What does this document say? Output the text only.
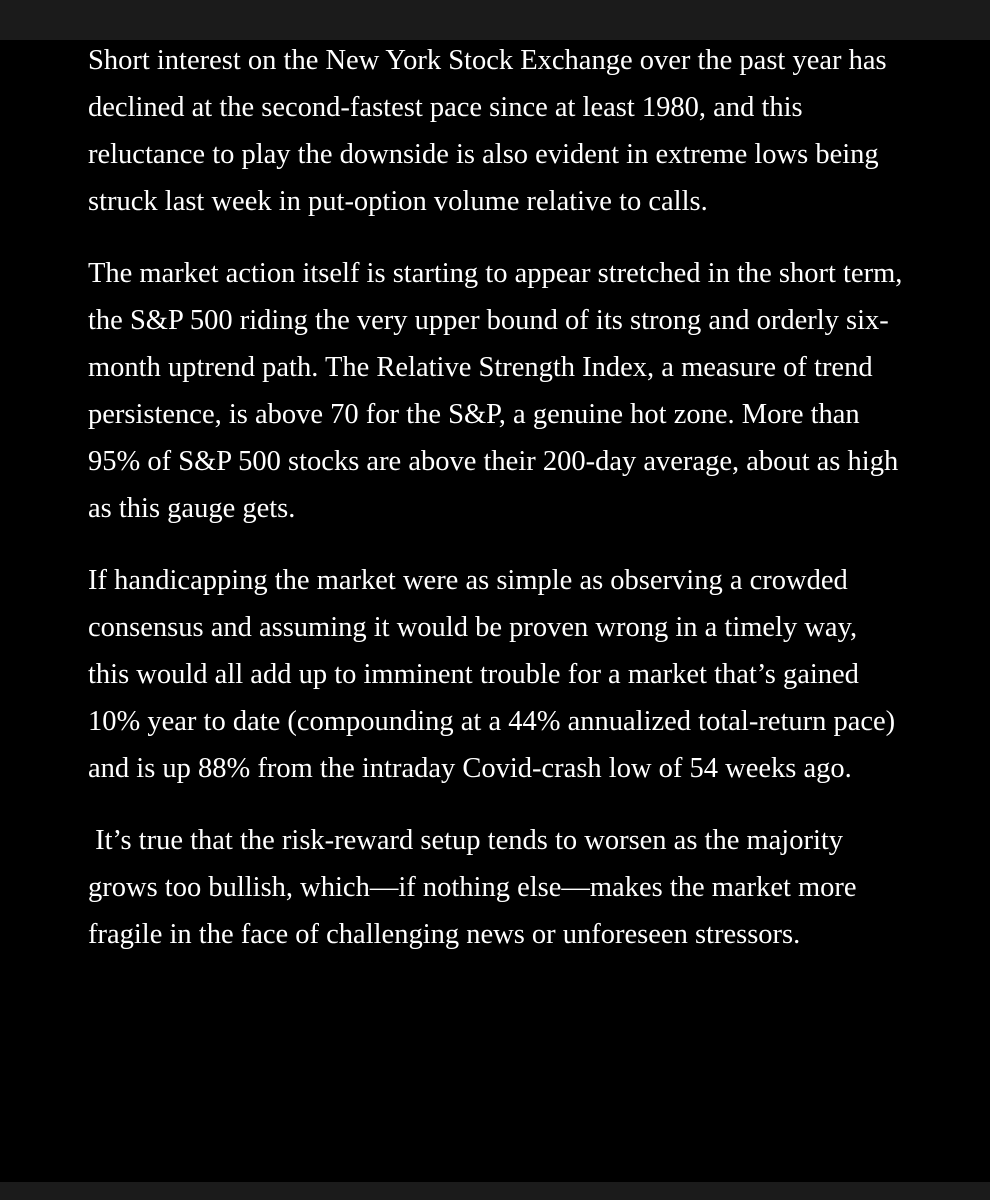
Short interest on the New York Stock Exchange over the past year has declined at the second-fastest pace since at least 1980, and this reluctance to play the downside is also evident in extreme lows being struck last week in put-option volume relative to calls.

The market action itself is starting to appear stretched in the short term, the S&P 500 riding the very upper bound of its strong and orderly six-month uptrend path. The Relative Strength Index, a measure of trend persistence, is above 70 for the S&P, a genuine hot zone. More than 95% of S&P 500 stocks are above their 200-day average, about as high as this gauge gets.

If handicapping the market were as simple as observing a crowded consensus and assuming it would be proven wrong in a timely way, this would all add up to imminent trouble for a market that’s gained 10% year to date (compounding at a 44% annualized total-return pace) and is up 88% from the intraday Covid-crash low of 54 weeks ago.

It’s true that the risk-reward setup tends to worsen as the majority grows too bullish, which—if nothing else—makes the market more fragile in the face of challenging news or unforeseen stressors.
